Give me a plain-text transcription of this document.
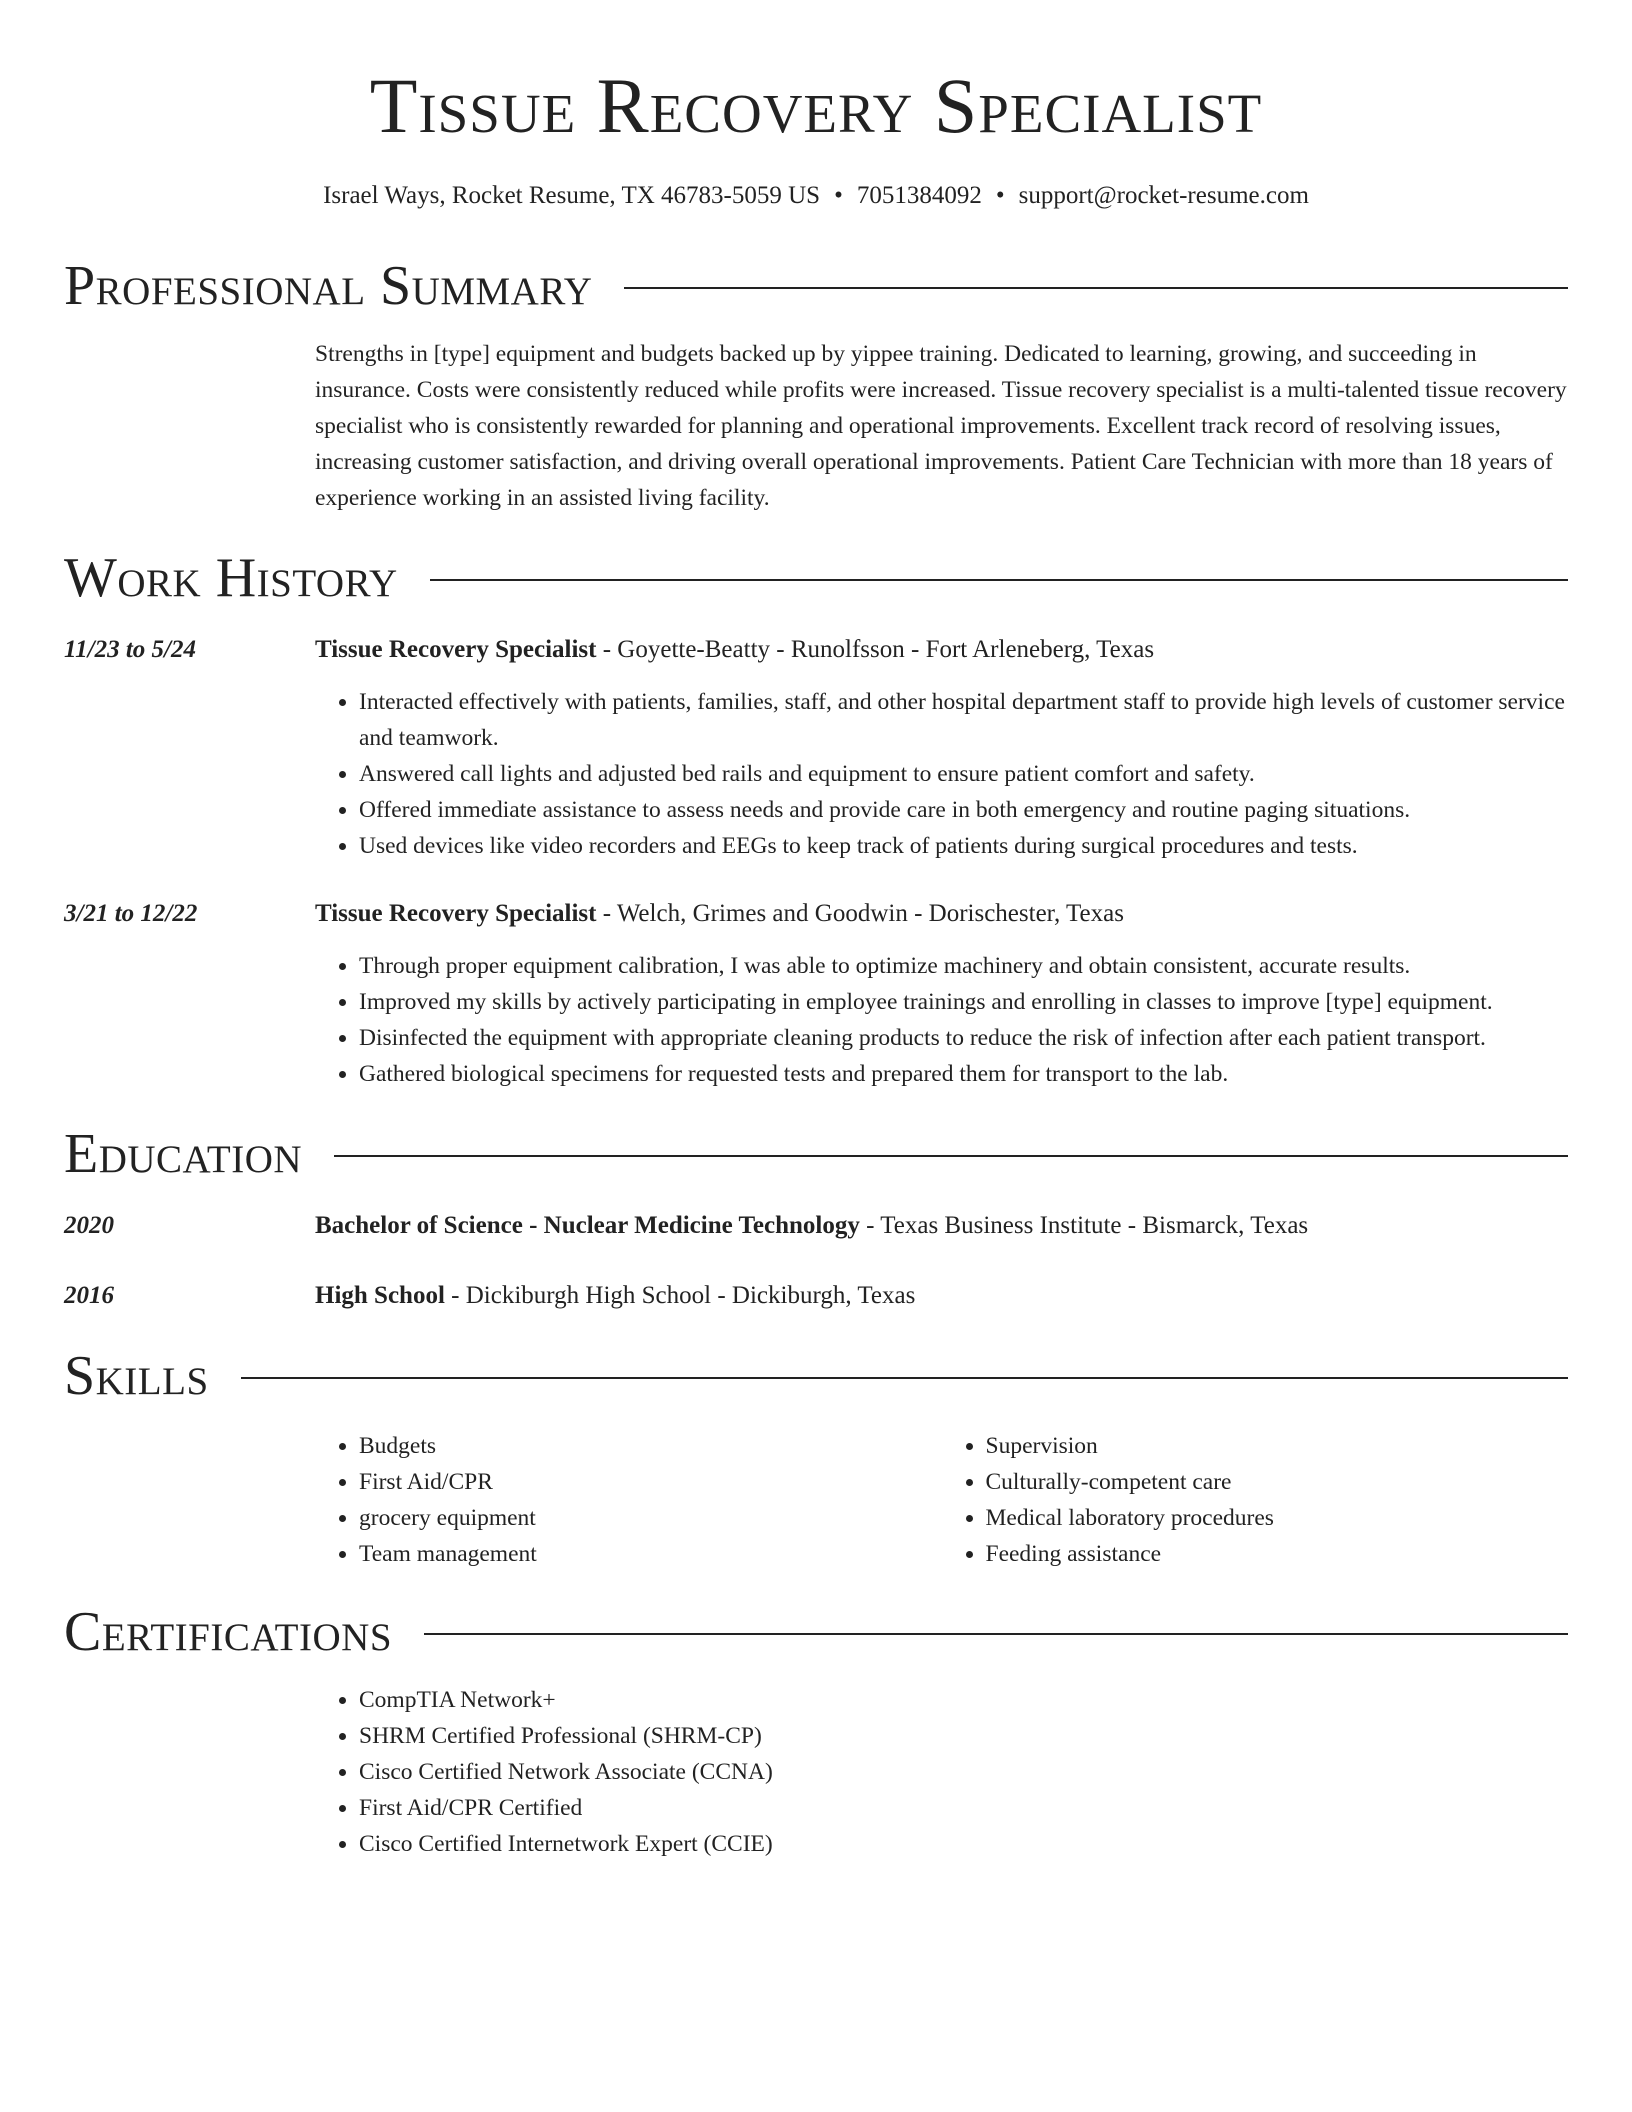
Tissue Recovery Specialist
Israel Ways, Rocket Resume, TX 46783-5059 US • 7051384092 • support@rocket-resume.com
Professional Summary

Strengths in [type] equipment and budgets backed up by yippee training. Dedicated to learning, growing, and succeeding in insurance. Costs were consistently reduced while profits were increased. Tissue recovery specialist is a multi-talented tissue recovery specialist who is consistently rewarded for planning and operational improvements. Excellent track record of resolving issues, increasing customer satisfaction, and driving overall operational improvements. Patient Care Technician with more than 18 years of experience working in an assisted living facility.

Work History
11/23 to 5/24	Tissue Recovery Specialist - Goyette-Beatty - Runolfsson - Fort Arleneberg, Texas
• Interacted effectively with patients, families, staff, and other hospital department staff to provide high levels of customer service and teamwork.
• Answered call lights and adjusted bed rails and equipment to ensure patient comfort and safety.
• Offered immediate assistance to assess needs and provide care in both emergency and routine paging situations.
• Used devices like video recorders and EEGs to keep track of patients during surgical procedures and tests.
3/21 to 12/22	Tissue Recovery Specialist - Welch, Grimes and Goodwin - Dorischester, Texas
• Through proper equipment calibration, I was able to optimize machinery and obtain consistent, accurate results.
• Improved my skills by actively participating in employee trainings and enrolling in classes to improve [type] equipment.
• Disinfected the equipment with appropriate cleaning products to reduce the risk of infection after each patient transport.
• Gathered biological specimens for requested tests and prepared them for transport to the lab.
Education
2020	Bachelor of Science - Nuclear Medicine Technology - Texas Business Institute - Bismarck, Texas
2016	High School - Dickiburgh High School - Dickiburgh, Texas
Skills
• Budgets
• First Aid/CPR
• grocery equipment
• Team management
• Supervision
• Culturally-competent care
• Medical laboratory procedures
• Feeding assistance
Certifications
• CompTIA Network+
• SHRM Certified Professional (SHRM-CP)
• Cisco Certified Network Associate (CCNA)
• First Aid/CPR Certified
• Cisco Certified Internetwork Expert (CCIE)
